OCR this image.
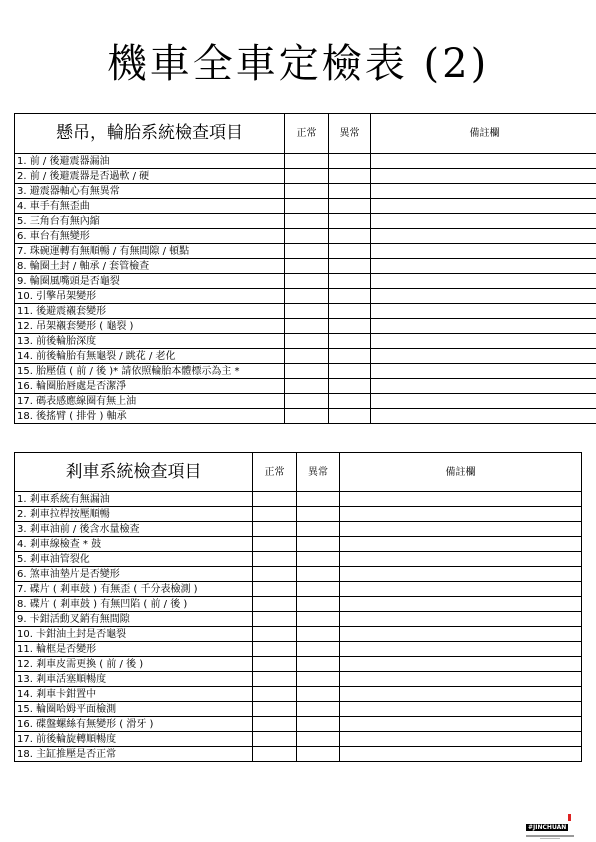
機車全車定檢表 (2)
懸吊，輪胎系統檢查項目	正常	異常	備註欄
1. 前 / 後避震器漏油			
2. 前 / 後避震器是否過軟 / 硬			
3. 避震器軸心有無異常			
4. 車手有無歪曲			
5. 三角台有無內縮			
6. 車台有無變形			
7. 珠碗運轉有無順暢 / 有無間隙 / 頓點			
8. 輪圈土封 / 軸承 / 套管檢查			
9. 輪圈風嘴頭是否龜裂			
10. 引擎吊架變形			
11. 後避震襯套變形			
12. 吊架襯套變形 ( 龜裂 )			
13. 前後輪胎深度			
14. 前後輪胎有無龜裂 / 跳花 / 老化			
15. 胎壓值 ( 前 / 後 )* 請依照輪胎本體標示為主 *			
16. 輪圈胎唇處是否潔淨			
17. 碼表感應線圈有無上油			
18. 後搖臂 ( 排骨 ) 軸承			
剎車系統檢查項目	正常	異常	備註欄
1. 剎車系統有無漏油			
2. 剎車拉桿按壓順暢			
3. 剎車油前 / 後含水量檢查			
4. 剎車線檢查 * 鼓			
5. 剎車油管裂化			
6. 煞車油墊片是否變形			
7. 碟片 ( 剎車鼓 ) 有無歪 ( 千分表檢測 )			
8. 碟片 ( 剎車鼓 ) 有無凹陷 ( 前 / 後 )			
9. 卡鉗活動叉銷有無間隙			
10. 卡鉗油土封是否龜裂			
11. 輪框是否變形			
12. 剎車皮需更換 ( 前 / 後 )			
13. 剎車活塞順暢度			
14. 剎車卡鉗置中			
15. 輪圈哈姆平面檢測			
16. 碟盤螺絲有無變形 ( 滑牙 )			
17. 前後輪旋轉順暢度			
18. 主缸推壓是否正常			
#JINCHUAN
